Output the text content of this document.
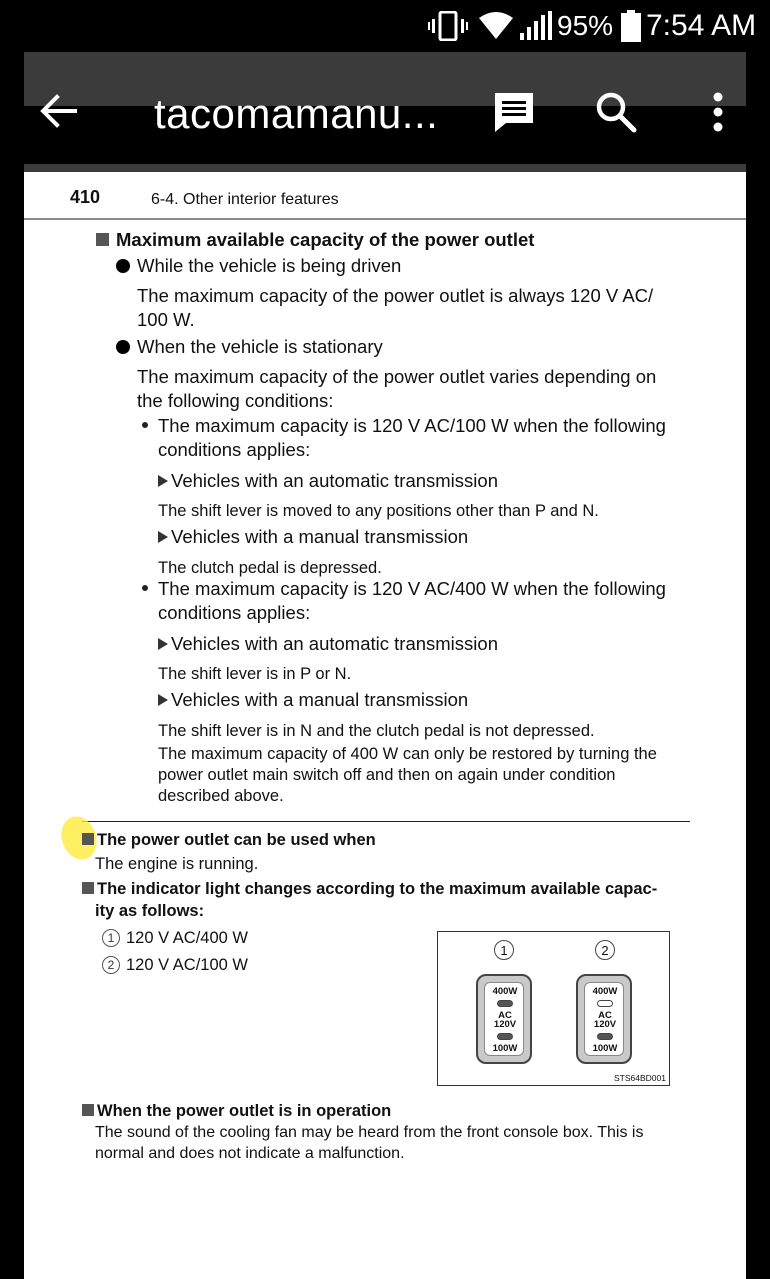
95% 7:54 AM
tacomamanu...
410	6-4. Other interior features
Maximum available capacity of the power outlet
While the vehicle is being driven
The maximum capacity of the power outlet is always 120 V AC/
100 W.
When the vehicle is stationary
The maximum capacity of the power outlet varies depending on
the following conditions:
The maximum capacity is 120 V AC/100 W when the following
conditions applies:
Vehicles with an automatic transmission
The shift lever is moved to any positions other than P and N.
Vehicles with a manual transmission
The clutch pedal is depressed.
The maximum capacity is 120 V AC/400 W when the following
conditions applies:
Vehicles with an automatic transmission
The shift lever is in P or N.
Vehicles with a manual transmission
The shift lever is in N and the clutch pedal is not depressed.
The maximum capacity of 400 W can only be restored by turning the
power outlet main switch off and then on again under condition
described above.
The power outlet can be used when
The engine is running.
The indicator light changes according to the maximum available capac-
ity as follows:
1 120 V AC/400 W
2 120 V AC/100 W
1	2
400W
AC
120V
100W
400W
AC
120V
100W
STS64BD001
When the power outlet is in operation
The sound of the cooling fan may be heard from the front console box. This is
normal and does not indicate a malfunction.
